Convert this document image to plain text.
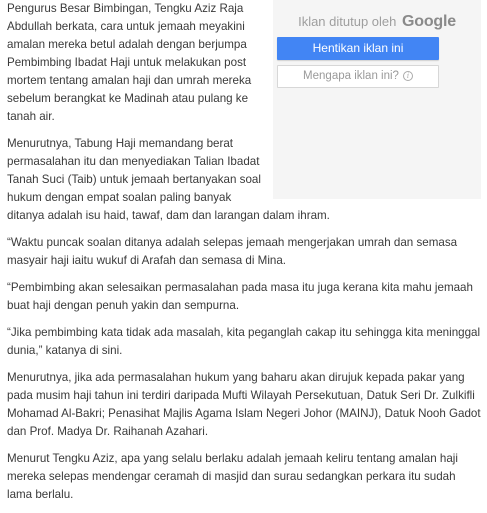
Iklan ditutup oleh Google
Hentikan iklan ini
Mengapa iklan ini? i

Pengurus Besar Bimbingan, Tengku Aziz Raja Abdullah berkata, cara untuk jemaah meyakini amalan mereka betul adalah dengan berjumpa Pembimbing Ibadat Haji untuk melakukan post mortem tentang amalan haji dan umrah mereka sebelum berangkat ke Madinah atau pulang ke tanah air.

Menurutnya, Tabung Haji memandang berat permasalahan itu dan menyediakan Talian Ibadat Tanah Suci (Taib) untuk jemaah bertanyakan soal hukum dengan empat soalan paling banyak ditanya adalah isu haid, tawaf, dam dan larangan dalam ihram.

“Waktu puncak soalan ditanya adalah selepas jemaah mengerjakan umrah dan semasa masyair haji iaitu wukuf di Arafah dan semasa di Mina.

“Pembimbing akan selesaikan permasalahan pada masa itu juga kerana kita mahu jemaah buat haji dengan penuh yakin dan sempurna.

“Jika pembimbing kata tidak ada masalah, kita peganglah cakap itu sehingga kita meninggal dunia,” katanya di sini.

Menurutnya, jika ada permasalahan hukum yang baharu akan dirujuk kepada pakar yang pada musim haji tahun ini terdiri daripada Mufti Wilayah Persekutuan, Datuk Seri Dr. Zulkifli Mohamad Al-Bakri; Penasihat Majlis Agama Islam Negeri Johor (MAINJ), Datuk Nooh Gadot dan Prof. Madya Dr. Raihanah Azahari.

Menurut Tengku Aziz, apa yang selalu berlaku adalah jemaah keliru tentang amalan haji mereka selepas mendengar ceramah di masjid dan surau sedangkan perkara itu sudah lama berlalu.
